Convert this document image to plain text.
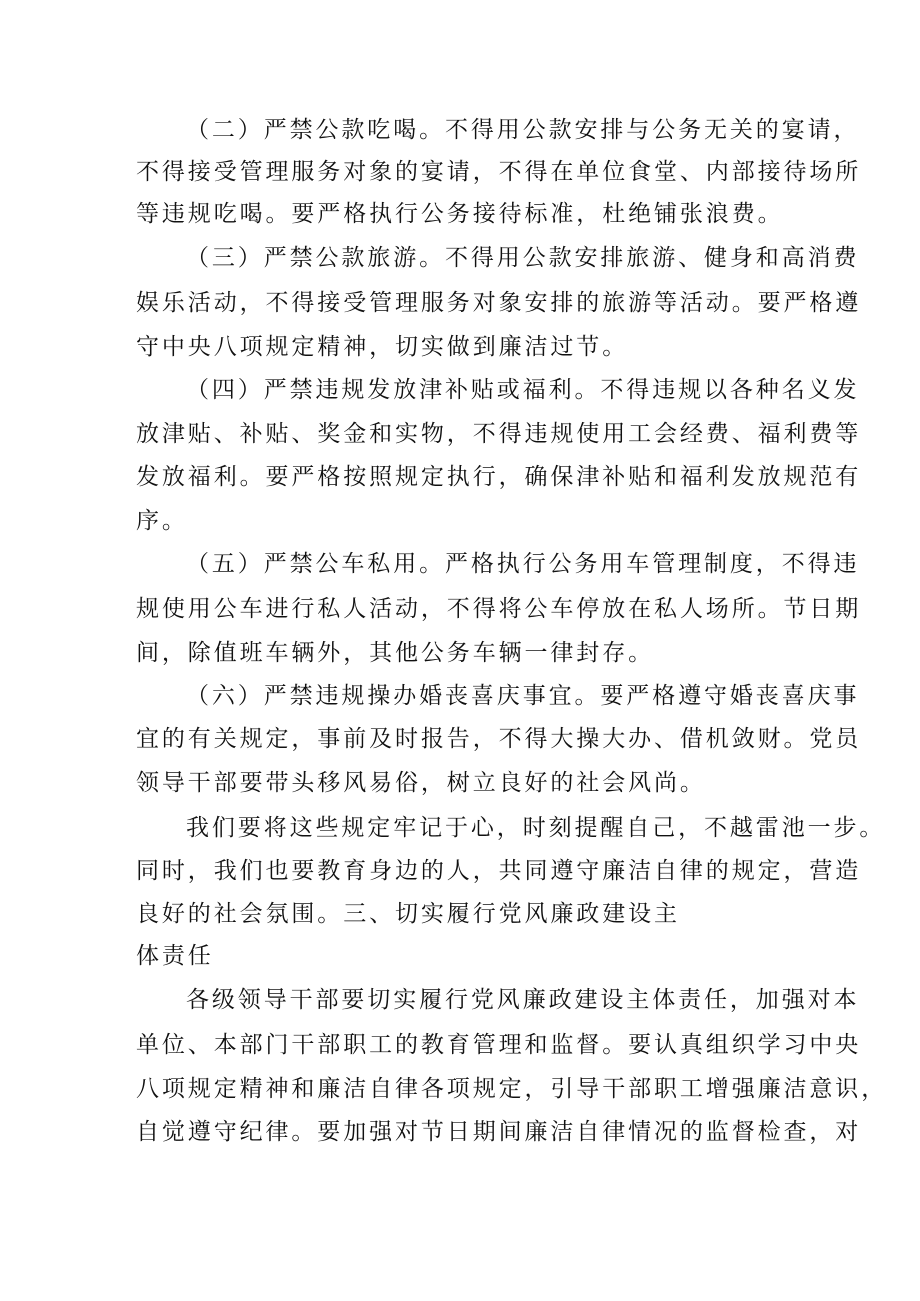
（二）严禁公款吃喝。不得用公款安排与公务无关的宴请，
不得接受管理服务对象的宴请，不得在单位食堂、内部接待场所
等违规吃喝。要严格执行公务接待标准，杜绝铺张浪费。
（三）严禁公款旅游。不得用公款安排旅游、健身和高消费
娱乐活动，不得接受管理服务对象安排的旅游等活动。要严格遵
守中央八项规定精神，切实做到廉洁过节。
（四）严禁违规发放津补贴或福利。不得违规以各种名义发
放津贴、补贴、奖金和实物，不得违规使用工会经费、福利费等
发放福利。要严格按照规定执行，确保津补贴和福利发放规范有
序。
（五）严禁公车私用。严格执行公务用车管理制度，不得违
规使用公车进行私人活动，不得将公车停放在私人场所。节日期
间，除值班车辆外，其他公务车辆一律封存。
（六）严禁违规操办婚丧喜庆事宜。要严格遵守婚丧喜庆事
宜的有关规定，事前及时报告，不得大操大办、借机敛财。党员
领导干部要带头移风易俗，树立良好的社会风尚。
我们要将这些规定牢记于心，时刻提醒自己，不越雷池一步。
同时，我们也要教育身边的人，共同遵守廉洁自律的规定，营造
良好的社会氛围。三、切实履行党风廉政建设主
体责任
各级领导干部要切实履行党风廉政建设主体责任，加强对本
单位、本部门干部职工的教育管理和监督。要认真组织学习中央
八项规定精神和廉洁自律各项规定，引导干部职工增强廉洁意识，
自觉遵守纪律。要加强对节日期间廉洁自律情况的监督检查，对
